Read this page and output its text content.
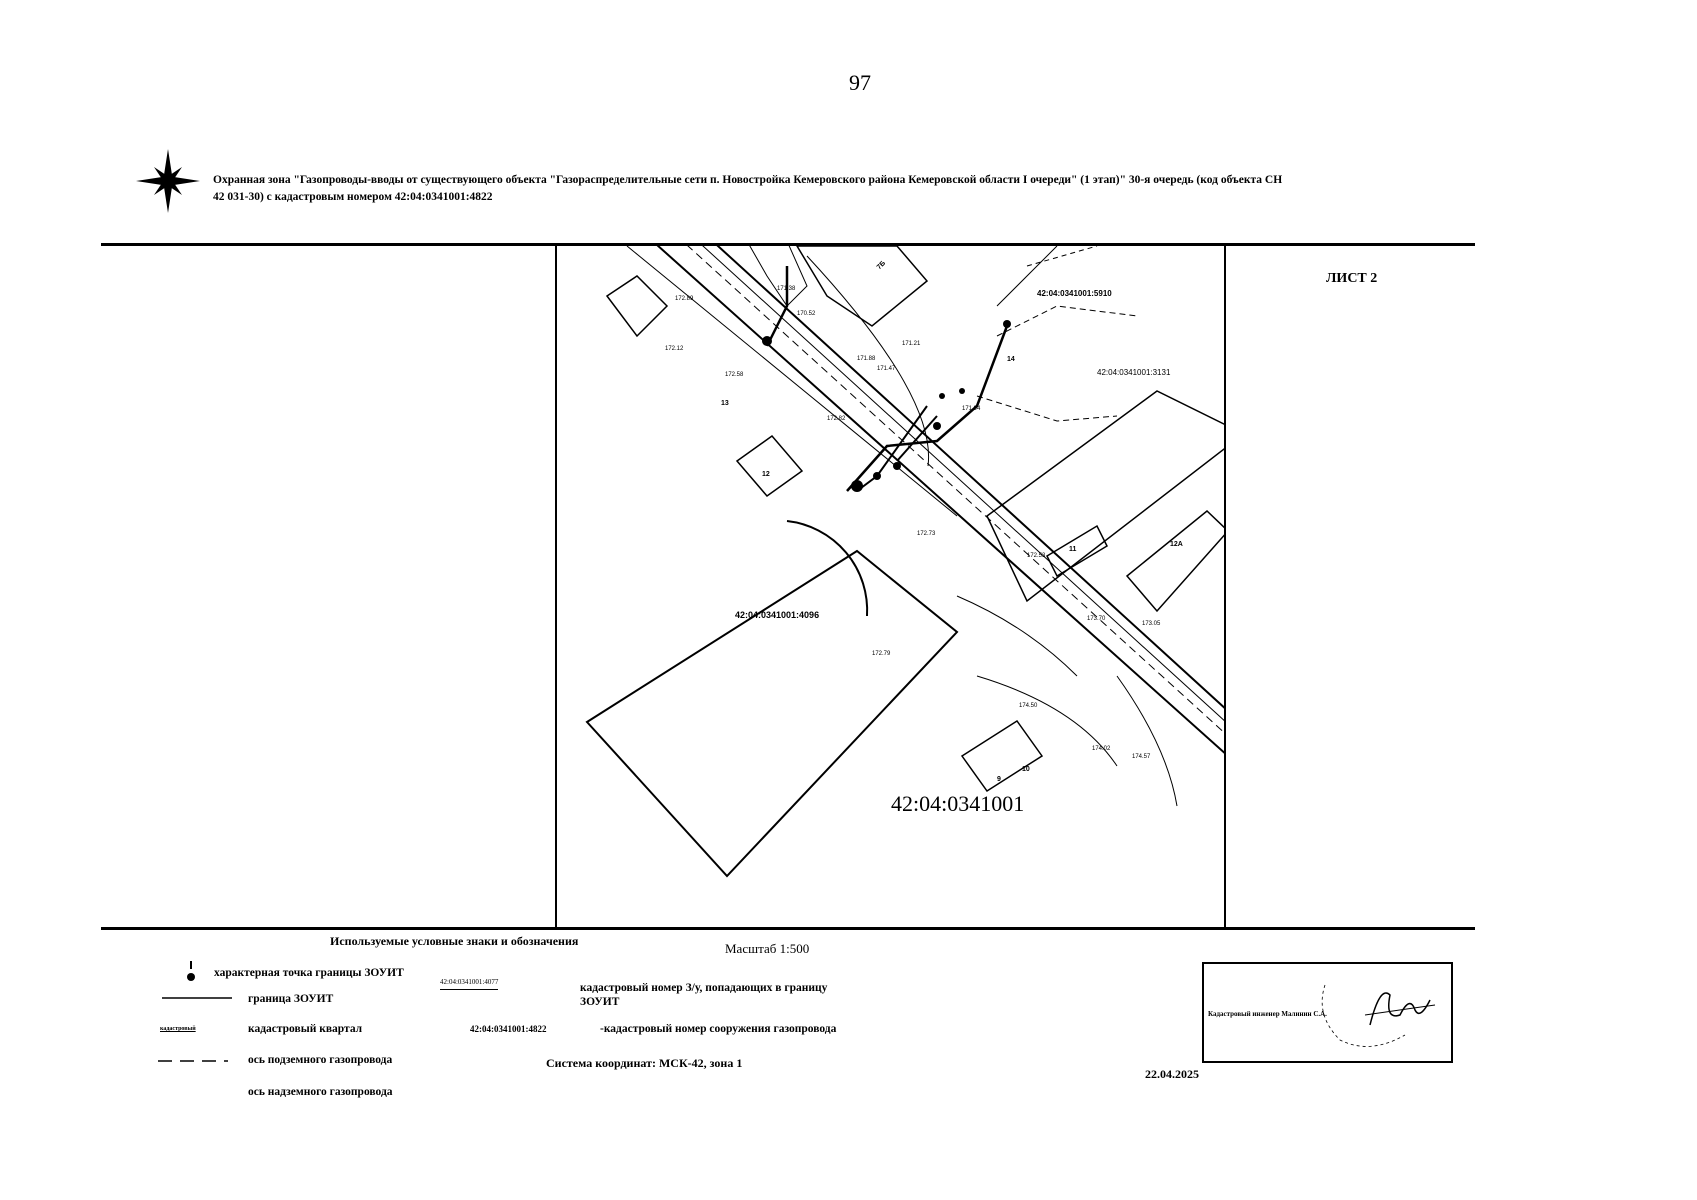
97
Охранная зона "Газопроводы-вводы от существующего объекта "Газораспределительные сети п. Новостройка Кемеровского района Кемеровской области I очереди" (1 этап)" 30-я очередь (код объекта СН
42 031-30) с кадастровым номером 42:04:0341001:4822
42:04:0341001:4096
42:04:0341001:5910
42:04:0341001:3131
42:04:0341001
7Б
13
12
14
9
10
12А
11
172.89
172.12
171.47
170.52
171.38
172.58
172.82
171.88
171.21
172.73
172.79
172.53
173.70
173.05
174.50
174.02
174.57
171.94
ЛИСТ 2
Используемые условные знаки и обозначения	Масштаб 1:500
характерная точка границы ЗОУИТ
граница ЗОУИТ
кадастровый	кадастровый квартал
ось подземного газопровода
ось надземного газопровода
42:04:0341001:4077	кадастровый номер З/у, попадающих в границу ЗОУИТ
42:04:0341001:4822	-кадастровый номер сооружения газопровода
Система координат: МСК-42, зона 1
Кадастровый инженер Малинин С.А.
22.04.2025
